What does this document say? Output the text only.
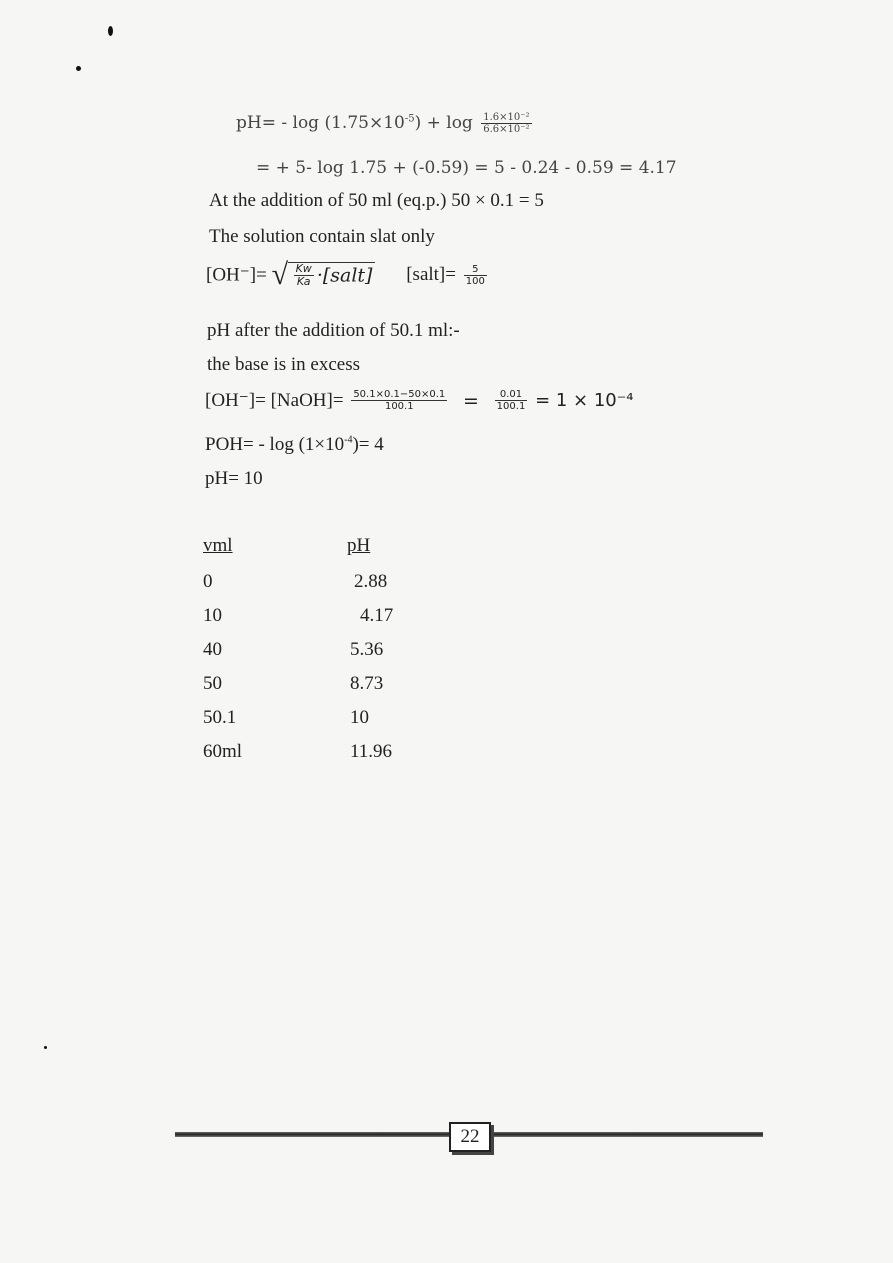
$pH= - \log (1.75\times 10^{-5}) + \log \frac{\text{1.6×10⁻²}}{\text{6.6×10⁻²}}$
= + 5- log 1.75 + (-0.59) = 5 - 0.24 - 0.59 = 4.17
At the addition of 50 ml (eq.p.) 50 × 0.1 = 5
The solution contain slat only
[OH⁻]= √ $\frac{Kw}{Ka}$ ·[salt] [salt]= $\frac{5}{100}$
pH after the addition of 50.1 ml:-
the base is in excess
[OH⁻]= [NaOH]= $\frac{50.1\times 0.1-50\times 0.1}{100.1} = \frac{0.01}{100.1} = 1 \times 10^{-4}$
$POH= - \log (1\times 10^{-4})= 4$
pH= 10
vml	pH
0	2.88
10	4.17
40	5.36
50	8.73
50.1	10
60ml	11.96
22
